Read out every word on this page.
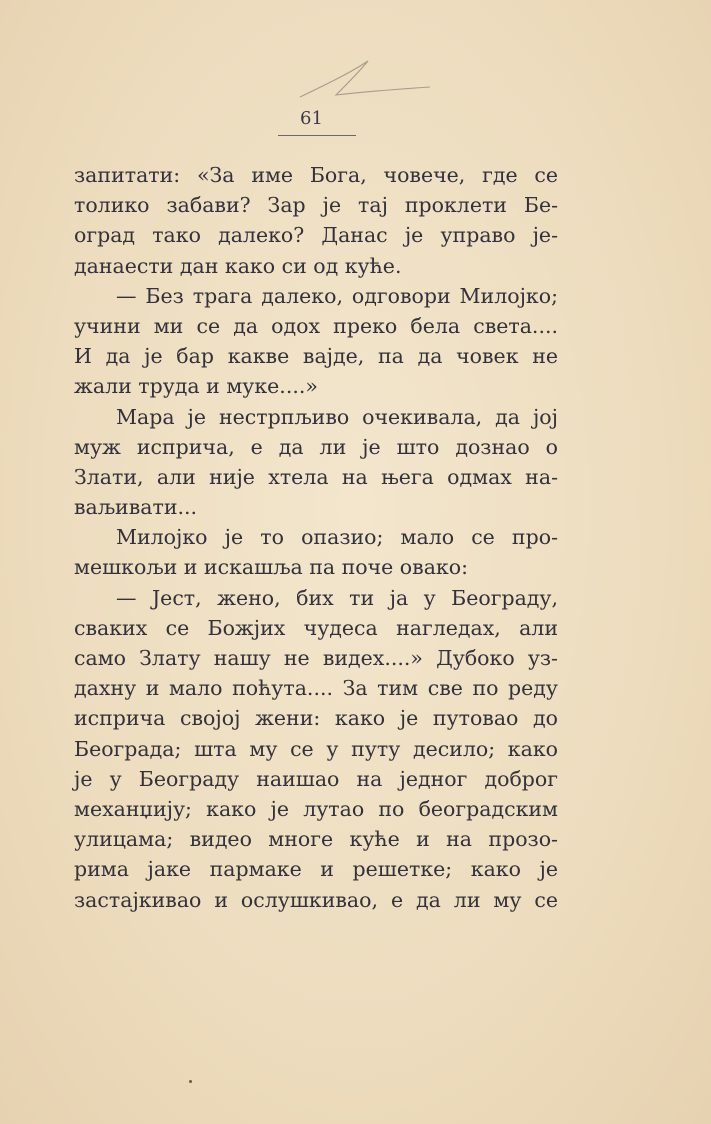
61
запитати: «За име Бога, човече, где се
толико забави? Зар је тај проклети Бе-
оград тако далеко? Данас је управо је-
данаести дан како си од куће.
— Без трага далеко, одговори Милојко;
учини ми се да одох преко бела света....
И да је бар какве вајде, па да човек не
жали труда и муке....»
Мара је нестрпљиво очекивала, да јој
муж исприча, е да ли је што дознао о
Злати, али није хтела на њега одмах на-
ваљивати...
Милојко је то опазио; мало се про-
мешкољи и искашља па поче овако:
— Јест, жено, бих ти ја у Београду,
сваких се Божјих чудеса нагледах, али
само Злату нашу не видех....» Дубоко уз-
дахну и мало поћута.... За тим све по реду
исприча својој жени: како је путовао до
Београда; шта му се у путу десило; како
је у Београду наишао на једног доброг
механџију; како је лутао по београдским
улицама; видео многе куће и на прозо-
рима јаке пармаке и решетке; како је
застајкивао и ослушкивао, е да ли му се
